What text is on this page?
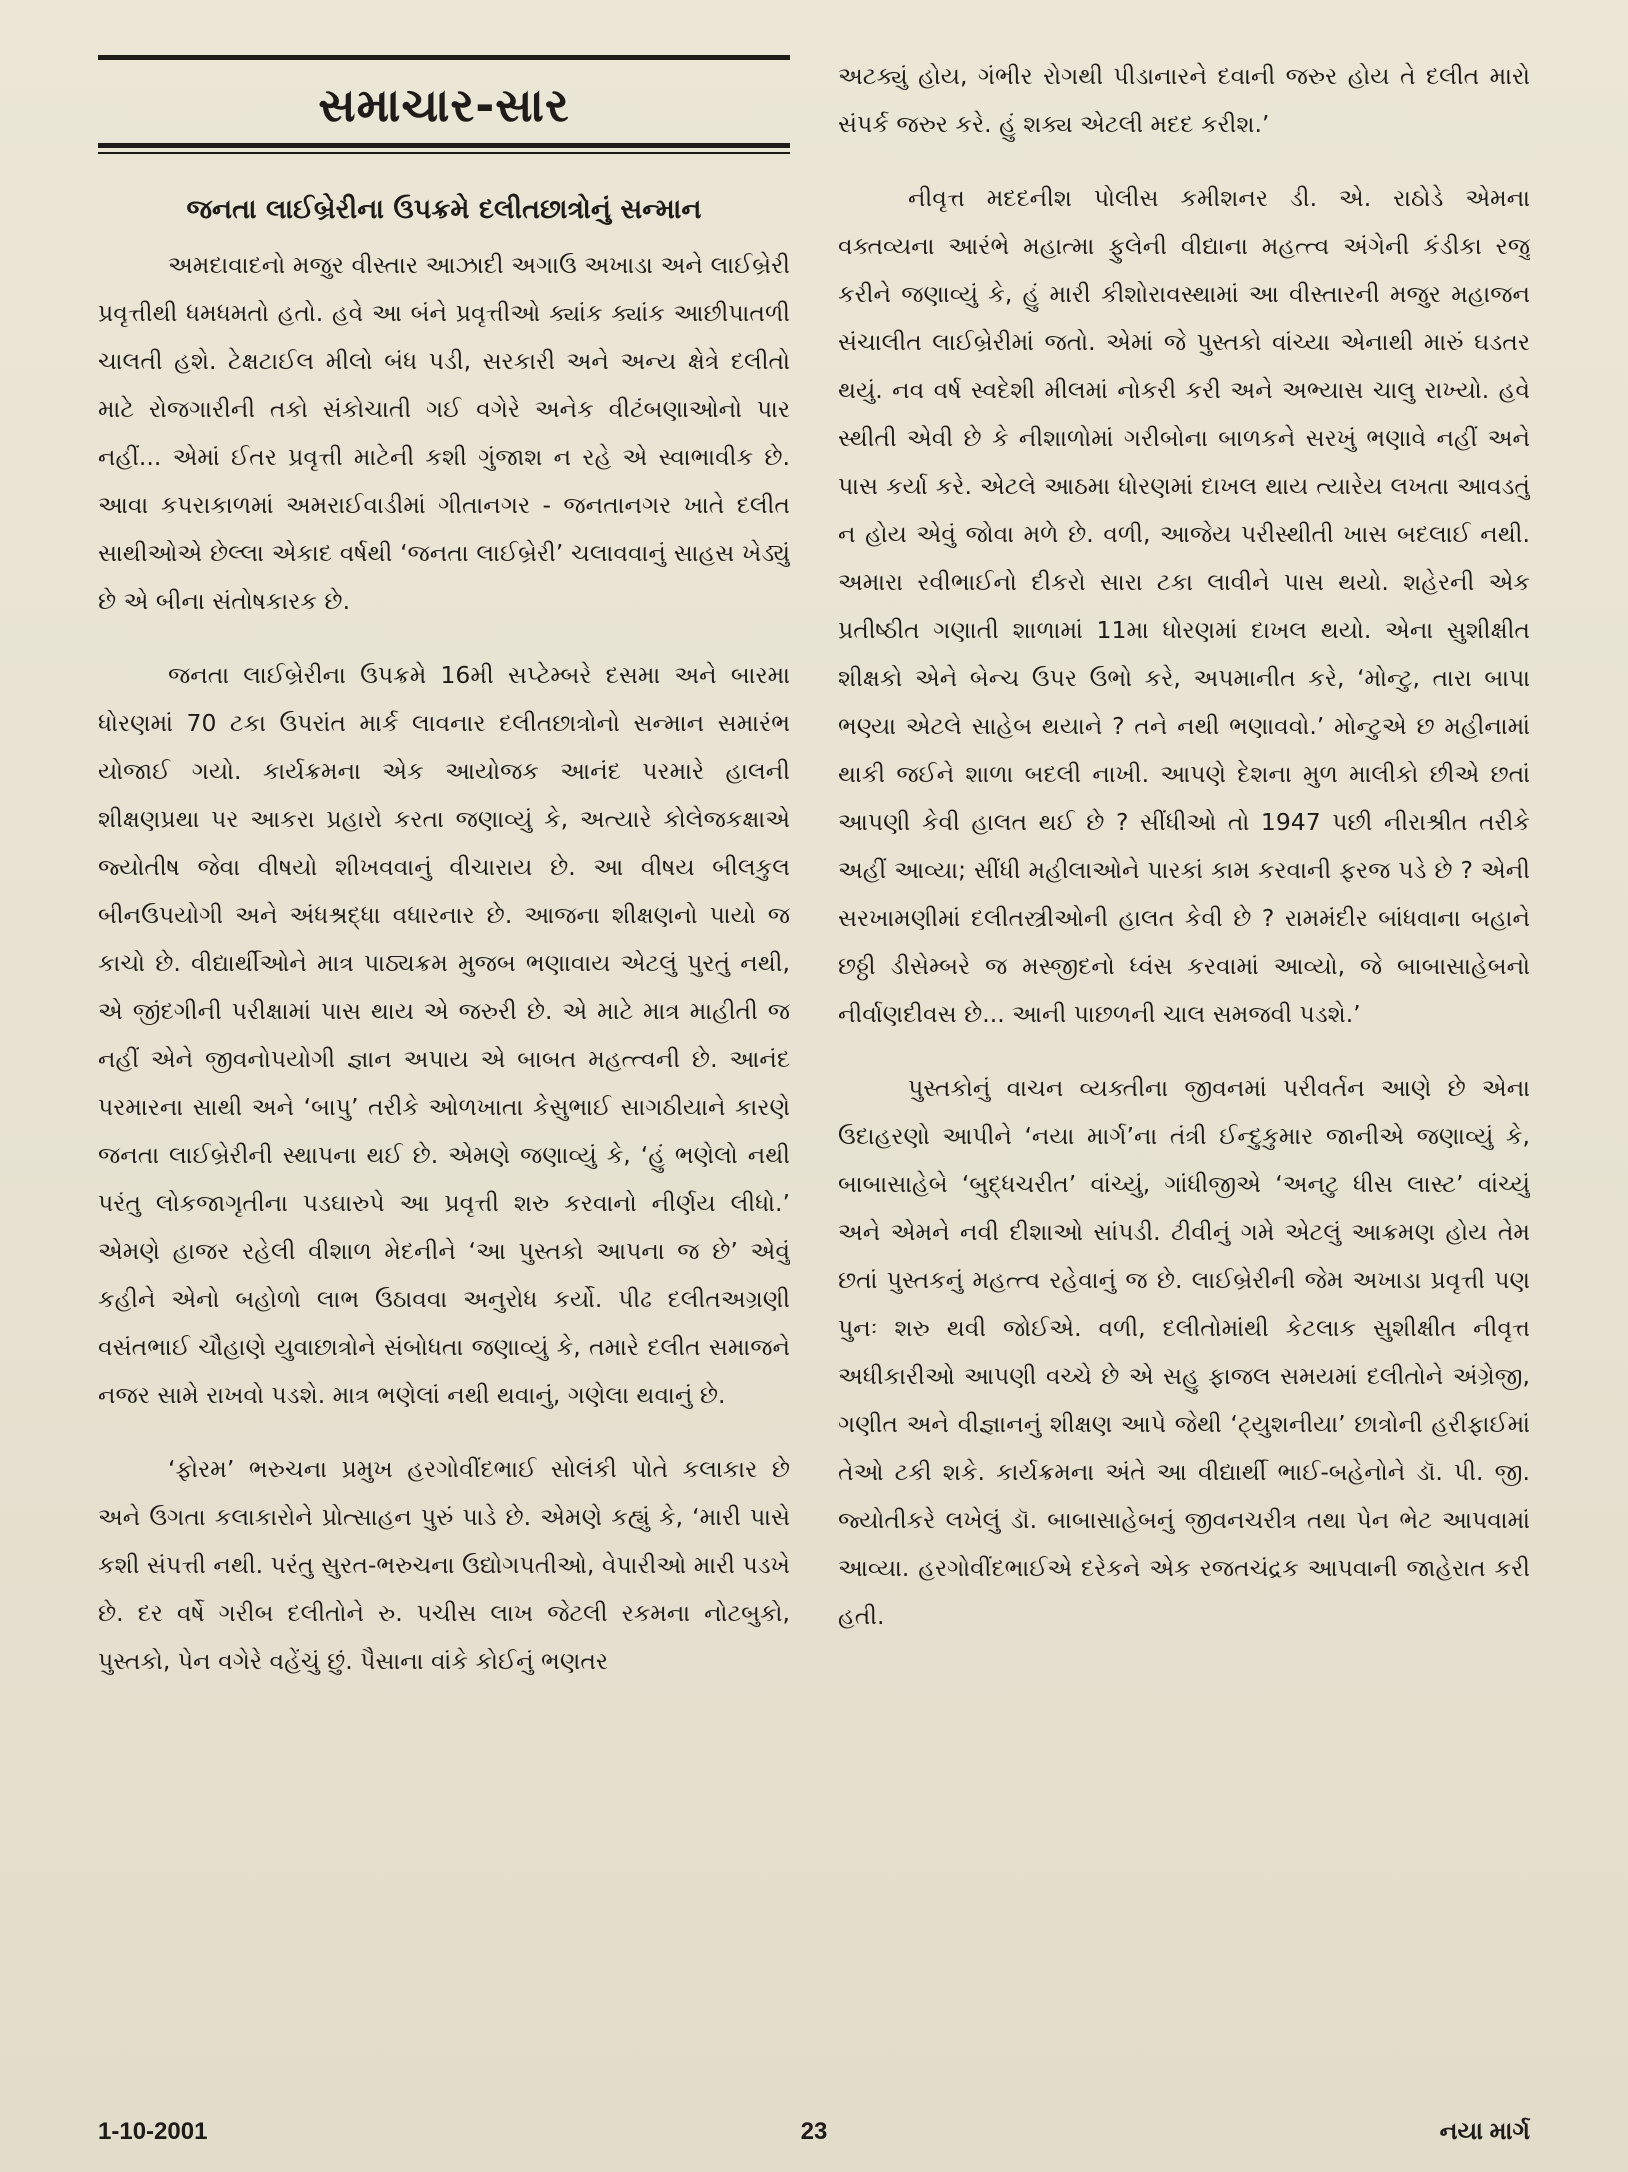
સમાચાર-સાર
જનતા લાઈબ્રેરીના ઉપક્રમે દલીતછાત્રોનું સન્માન

અમદાવાદનો મજુર વીસ્તાર આઝાદી અગાઉ અખાડા અને લાઈબ્રેરી પ્રવૃત્તીથી ધમધમતો હતો. હવે આ બંને પ્રવૃત્તીઓ ક્યાંક ક્યાંક આછીપાતળી ચાલતી હશે. ટેક્ષટાઈલ મીલો બંધ પડી, સરકારી અને અન્ય ક્ષેત્રે દલીતો માટે રોજગારીની તકો સંકોચાતી ગઈ વગેરે અનેક વીટંબણાઓનો પાર નહીં... એમાં ઈતર પ્રવૃત્તી માટેની કશી ગુંજાશ ન રહે એ સ્વાભાવીક છે. આવા કપરાકાળમાં અમરાઈવાડીમાં ગીતાનગર - જનતાનગર ખાતે દલીત સાથીઓએ છેલ્લા એકાદ વર્ષથી ‘જનતા લાઈબ્રેરી’ ચલાવવાનું સાહસ ખેડ્યું છે એ બીના સંતોષકારક છે.

જનતા લાઈબ્રેરીના ઉપક્રમે 16મી સપ્ટેમ્બરે દસમા અને બારમા ધોરણમાં 70 ટકા ઉપરાંત માર્ક લાવનાર દલીતછાત્રોનો સન્માન સમારંભ યોજાઈ ગયો. કાર્યક્રમના એક આયોજક આનંદ પરમારે હાલની શીક્ષણપ્રથા પર આકરા પ્રહારો કરતા જણાવ્યું કે, અત્યારે કોલેજકક્ષાએ જ્યોતીષ જેવા વીષયો શીખવવાનું વીચારાય છે. આ વીષય બીલકુલ બીનઉપયોગી અને અંધશ્રદ્ધા વધારનાર છે. આજના શીક્ષણનો પાયો જ કાચો છે. વીદ્યાર્થીઓને માત્ર પાઠ્યક્રમ મુજબ ભણાવાય એટલું પુરતું નથી, એ જીંદગીની પરીક્ષામાં પાસ થાય એ જરુરી છે. એ માટે માત્ર માહીતી જ નહીં એને જીવનોપયોગી જ્ઞાન અપાય એ બાબત મહત્ત્વની છે. આનંદ પરમારના સાથી અને ‘બાપુ’ તરીકે ઓળખાતા કેસુભાઈ સાગઠીયાને કારણે જનતા લાઈબ્રેરીની સ્થાપના થઈ છે. એમણે જણાવ્યું કે, ‘હું ભણેલો નથી પરંતુ લોકજાગૃતીના પડઘારુપે આ પ્રવૃત્તી શરુ કરવાનો નીર્ણય લીધો.’ એમણે હાજર રહેલી વીશાળ મેદનીને ‘આ પુસ્તકો આપના જ છે’ એવું કહીને એનો બહોળો લાભ ઉઠાવવા અનુરોધ કર્યો. પીઢ દલીતઅગ્રણી વસંતભાઈ ચૌહાણે યુવાછાત્રોને સંબોધતા જણાવ્યું કે, તમારે દલીત સમાજને નજર સામે રાખવો પડશે. માત્ર ભણેલાં નથી થવાનું, ગણેલા થવાનું છે.

‘ફોરમ’ ભરુચના પ્રમુખ હરગોવીંદભાઈ સોલંકી પોતે કલાકાર છે અને ઉગતા કલાકારોને પ્રોત્સાહન પુરું પાડે છે. એમણે કહ્યું કે, ‘મારી પાસે કશી સંપત્તી નથી. પરંતુ સુરત-ભરુચના ઉદ્યોગપતીઓ, વેપારીઓ મારી પડખે છે. દર વર્ષે ગરીબ દલીતોને રુ. પચીસ લાખ જેટલી રકમના નોટબુકો, પુસ્તકો, પેન વગેરે વહેંચું છું. પૈસાના વાંકે કોઈનું ભણતર

અટક્યું હોય, ગંભીર રોગથી પીડાનારને દવાની જરુર હોય તે દલીત મારો સંપર્ક જરુર કરે. હું શક્ય એટલી મદદ કરીશ.’

નીવૃત્ત મદદનીશ પોલીસ કમીશનર ડી. એ. રાઠોડે એમના વક્તવ્યના આરંભે મહાત્મા ફુલેની વીદ્યાના મહત્ત્વ અંગેની કંડીકા રજુ કરીને જણાવ્યું કે, હું મારી કીશોરાવસ્થામાં આ વીસ્તારની મજુર મહાજન સંચાલીત લાઈબ્રેરીમાં જતો. એમાં જે પુસ્તકો વાંચ્યા એનાથી મારું ઘડતર થયું. નવ વર્ષ સ્વદેશી મીલમાં નોકરી કરી અને અભ્યાસ ચાલુ રાખ્યો. હવે સ્થીતી એવી છે કે નીશાળોમાં ગરીબોના બાળકને સરખું ભણાવે નહીં અને પાસ કર્યા કરે. એટલે આઠમા ધોરણમાં દાખલ થાય ત્યારેય લખતા આવડતું ન હોય એવું જોવા મળે છે. વળી, આજેય પરીસ્થીતી ખાસ બદલાઈ નથી. અમારા રવીભાઈનો દીકરો સારા ટકા લાવીને પાસ થયો. શહેરની એક પ્રતીષ્ઠીત ગણાતી શાળામાં 11મા ધોરણમાં દાખલ થયો. એના સુશીક્ષીત શીક્ષકો એને બેન્ચ ઉપર ઉભો કરે, અપમાનીત કરે, ‘મોન્ટુ, તારા બાપા ભણ્યા એટલે સાહેબ થયાને ? તને નથી ભણાવવો.’ મોન્ટુએ છ મહીનામાં થાકી જઈને શાળા બદલી નાખી. આપણે દેશના મુળ માલીકો છીએ છતાં આપણી કેવી હાલત થઈ છે ? સીંધીઓ તો 1947 પછી નીરાશ્રીત તરીકે અહીં આવ્યા; સીંધી મહીલાઓને પારકાં કામ કરવાની ફરજ પડે છે ? એની સરખામણીમાં દલીતસ્ત્રીઓની હાલત કેવી છે ? રામમંદીર બાંધવાના બહાને છઠ્ઠી ડીસેમ્બરે જ મસ્જીદનો ધ્વંસ કરવામાં આવ્યો, જે બાબાસાહેબનો નીર્વાણદીવસ છે... આની પાછળની ચાલ સમજવી પડશે.’

પુસ્તકોનું વાચન વ્યક્તીના જીવનમાં પરીવર્તન આણે છે એના ઉદાહરણો આપીને ‘નયા માર્ગ’ના તંત્રી ઈન્દુકુમાર જાનીએ જણાવ્યું કે, બાબાસાહેબે ‘બુદ્ધચરીત’ વાંચ્યું, ગાંધીજીએ ‘અનટુ ધીસ લાસ્ટ’ વાંચ્યું અને એમને નવી દીશાઓ સાંપડી. ટીવીનું ગમે એટલું આક્રમણ હોય તેમ છતાં પુસ્તકનું મહત્ત્વ રહેવાનું જ છે. લાઈબ્રેરીની જેમ અખાડા પ્રવૃત્તી પણ પુનઃ શરુ થવી જોઈએ. વળી, દલીતોમાંથી કેટલાક સુશીક્ષીત નીવૃત્ત અધીકારીઓ આપણી વચ્ચે છે એ સહુ ફાજલ સમયમાં દલીતોને અંગ્રેજી, ગણીત અને વીજ્ઞાનનું શીક્ષણ આપે જેથી ‘ટ્યુશનીયા’ છાત્રોની હરીફાઈમાં તેઓ ટકી શકે. કાર્યક્રમના અંતે આ વીદ્યાર્થી ભાઈ-બહેનોને ડૉ. પી. જી. જ્યોતીકરે લખેલું ડૉ. બાબાસાહેબનું જીવનચરીત્ર તથા પેન ભેટ આપવામાં આવ્યા. હરગોવીંદભાઈએ દરેકને એક રજતચંદ્રક આપવાની જાહેરાત કરી હતી.

1-10-2001	23	નયા માર્ગ
